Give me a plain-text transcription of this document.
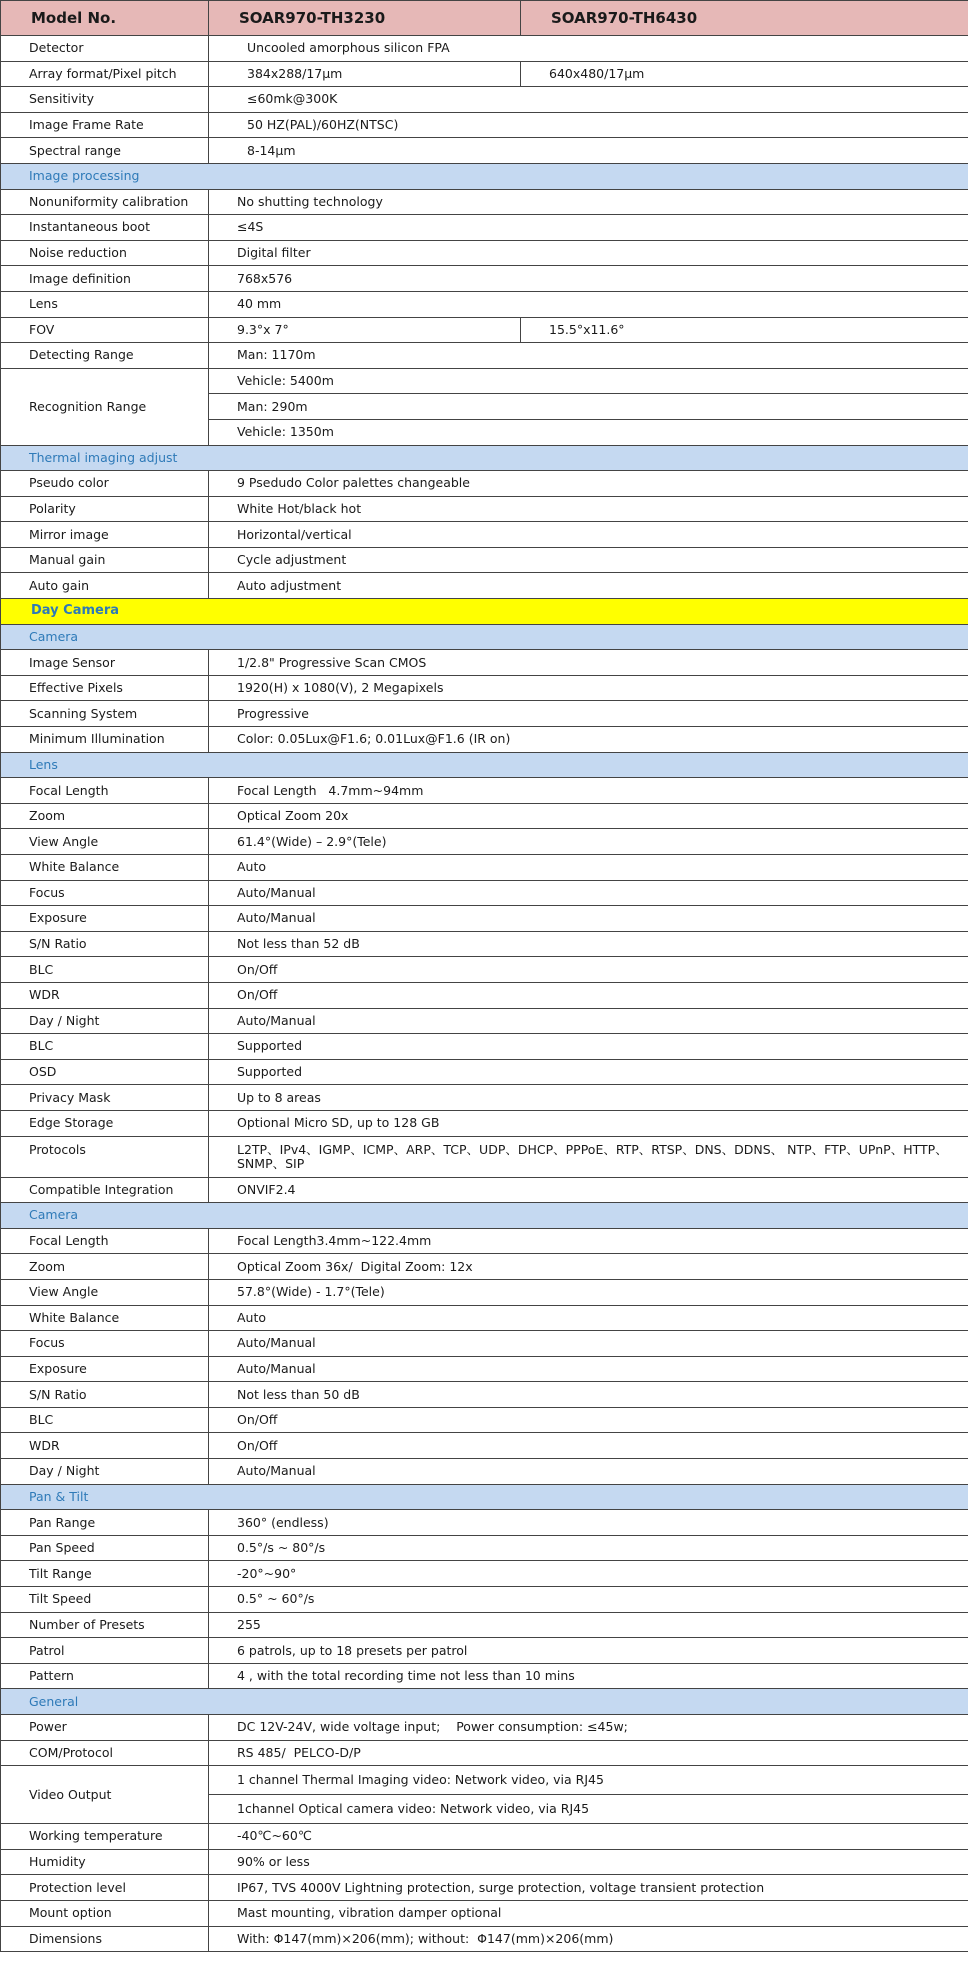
Model No.	SOAR970-TH3230	SOAR970-TH6430
Detector	Uncooled amorphous silicon FPA	
Array format/Pixel pitch	384x288/17μm	640x480/17μm
Sensitivity	≤60mk@300K	
Image Frame Rate	50 HZ(PAL)/60HZ(NTSC)	
Spectral range	8-14μm	
Image processing		
Nonuniformity calibration	No shutting technology	
Instantaneous boot	≤4S	
Noise reduction	Digital filter	
Image definition	768x576	
Lens	40 mm	
FOV	9.3°x 7°	15.5°x11.6°
Detecting Range	Man: 1170m	
Recognition Range	Vehicle: 5400m	
	Man: 290m	
	Vehicle: 1350m	
Thermal imaging adjust		
Pseudo color	9 Psedudo Color palettes changeable	
Polarity	White Hot/black hot	
Mirror image	Horizontal/vertical	
Manual gain	Cycle adjustment	
Auto gain	Auto adjustment	
Day Camera		
Camera		
Image Sensor	1/2.8" Progressive Scan CMOS	
Effective Pixels	1920(H) x 1080(V), 2 Megapixels	
Scanning System	Progressive	
Minimum Illumination	Color: 0.05Lux@F1.6; 0.01Lux@F1.6 (IR on)	
Lens		
Focal Length	Focal Length   4.7mm~94mm	
Zoom	Optical Zoom 20x	
View Angle	61.4°(Wide) – 2.9°(Tele)	
White Balance	Auto	
Focus	Auto/Manual	
Exposure	Auto/Manual	
S/N Ratio	Not less than 52 dB	
BLC	On/Off	
WDR	On/Off	
Day / Night	Auto/Manual	
BLC	Supported	
OSD	Supported	
Privacy Mask	Up to 8 areas	
Edge Storage	Optional Micro SD, up to 128 GB	
Protocols	L2TP、IPv4、IGMP、ICMP、ARP、TCP、UDP、DHCP、PPPoE、RTP、RTSP、DNS、DDNS、 NTP、FTP、UPnP、HTTP、SNMP、SIP	
Compatible Integration	ONVIF2.4	
Camera		
Focal Length	Focal Length3.4mm~122.4mm	
Zoom	Optical Zoom 36x/  Digital Zoom: 12x	
View Angle	57.8°(Wide) - 1.7°(Tele)	
White Balance	Auto	
Focus	Auto/Manual	
Exposure	Auto/Manual	
S/N Ratio	Not less than 50 dB	
BLC	On/Off	
WDR	On/Off	
Day / Night	Auto/Manual	
Pan & Tilt		
Pan Range	360° (endless)	
Pan Speed	0.5°/s ~ 80°/s	
Tilt Range	-20°~90°	
Tilt Speed	0.5° ~ 60°/s	
Number of Presets	255	
Patrol	6 patrols, up to 18 presets per patrol	
Pattern	4 , with the total recording time not less than 10 mins	
General		
Power	DC 12V-24V, wide voltage input;    Power consumption: ≤45w;	
COM/Protocol	RS 485/  PELCO-D/P	
Video Output	1 channel Thermal Imaging video: Network video, via RJ45	
	1channel Optical camera video: Network video, via RJ45	
Working temperature	-40℃~60℃	
Humidity	90% or less	
Protection level	IP67, TVS 4000V Lightning protection, surge protection, voltage transient protection	
Mount option	Mast mounting, vibration damper optional	
Dimensions	With: Φ147(mm)×206(mm); without:  Φ147(mm)×206(mm)	
